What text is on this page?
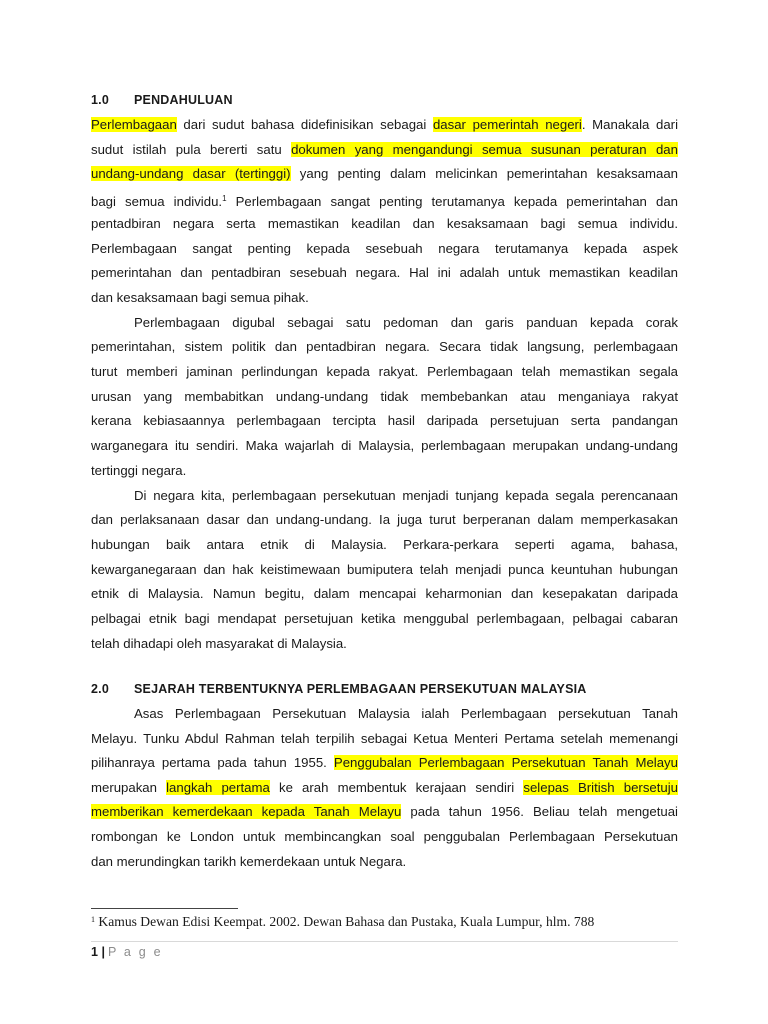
1.0 PENDAHULUAN
Perlembagaan dari sudut bahasa didefinisikan sebagai dasar pemerintah negeri. Manakala dari
sudut istilah pula bererti satu dokumen yang mengandungi semua susunan peraturan dan
undang-undang dasar (tertinggi) yang penting dalam melicinkan pemerintahan kesaksamaan
bagi semua individu.$^1$ Perlembagaan sangat penting terutamanya kepada pemerintahan dan
pentadbiran negara serta memastikan keadilan dan kesaksamaan bagi semua individu.
Perlembagaan sangat penting kepada sesebuah negara terutamanya kepada aspek
pemerintahan dan pentadbiran sesebuah negara. Hal ini adalah untuk memastikan keadilan
dan kesaksamaan bagi semua pihak.
Perlembagaan digubal sebagai satu pedoman dan garis panduan kepada corak
pemerintahan, sistem politik dan pentadbiran negara. Secara tidak langsung, perlembagaan
turut memberi jaminan perlindungan kepada rakyat. Perlembagaan telah memastikan segala
urusan yang membabitkan undang-undang tidak membebankan atau menganiaya rakyat
kerana kebiasaannya perlembagaan tercipta hasil daripada persetujuan serta pandangan
warganegara itu sendiri. Maka wajarlah di Malaysia, perlembagaan merupakan undang-undang
tertinggi negara.
Di negara kita, perlembagaan persekutuan menjadi tunjang kepada segala perencanaan
dan perlaksanaan dasar dan undang-undang. Ia juga turut berperanan dalam memperkasakan
hubungan baik antara etnik di Malaysia. Perkara-perkara seperti agama, bahasa,
kewarganegaraan dan hak keistimewaan bumiputera telah menjadi punca keuntuhan hubungan
etnik di Malaysia. Namun begitu, dalam mencapai keharmonian dan kesepakatan daripada
pelbagai etnik bagi mendapat persetujuan ketika menggubal perlembagaan, pelbagai cabaran
telah dihadapi oleh masyarakat di Malaysia.
2.0 SEJARAH TERBENTUKNYA PERLEMBAGAAN PERSEKUTUAN MALAYSIA
Asas Perlembagaan Persekutuan Malaysia ialah Perlembagaan persekutuan Tanah
Melayu. Tunku Abdul Rahman telah terpilih sebagai Ketua Menteri Pertama setelah memenangi
pilihanraya pertama pada tahun 1955. Penggubalan Perlembagaan Persekutuan Tanah Melayu
merupakan langkah pertama ke arah membentuk kerajaan sendiri selepas British bersetuju
memberikan kemerdekaan kepada Tanah Melayu pada tahun 1956. Beliau telah mengetuai
rombongan ke London untuk membincangkan soal penggubalan Perlembagaan Persekutuan
dan merundingkan tarikh kemerdekaan untuk Negara.
$^1$ Kamus Dewan Edisi Keempat. 2002. Dewan Bahasa dan Pustaka, Kuala Lumpur, hlm. 788
1 | P a g e
